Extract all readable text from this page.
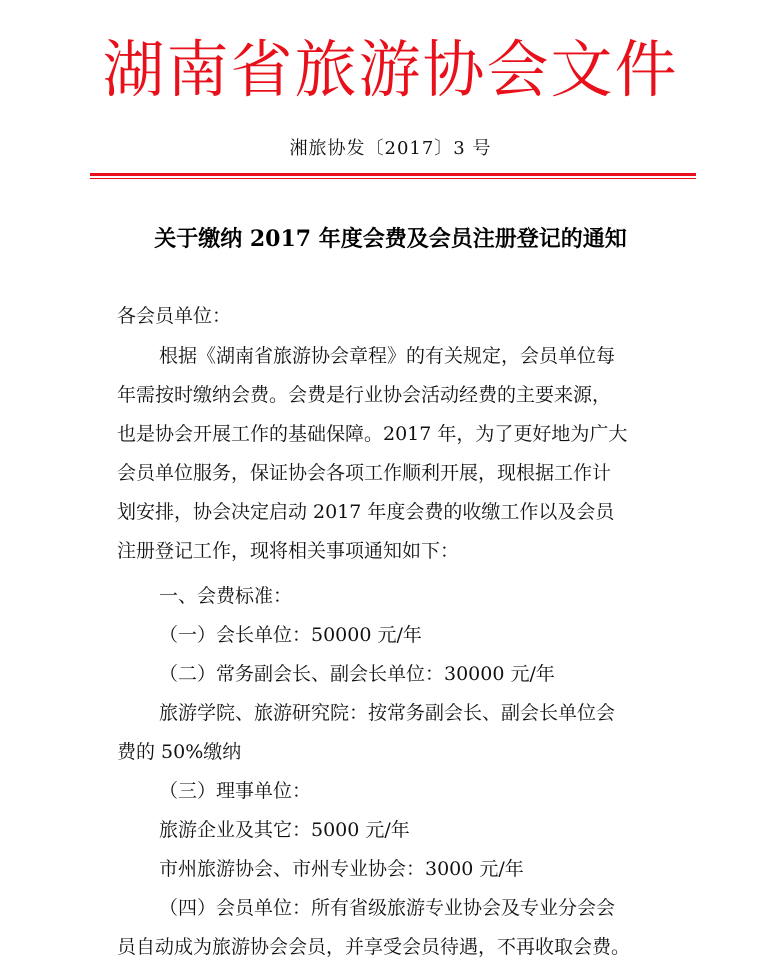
湖南省旅游协会文件
湘旅协发〔2017〕3 号
关于缴纳 2017 年度会费及会员注册登记的通知
各会员单位：
根据《湖南省旅游协会章程》的有关规定，会员单位每
年需按时缴纳会费。会费是行业协会活动经费的主要来源，
也是协会开展工作的基础保障。2017 年，为了更好地为广大
会员单位服务，保证协会各项工作顺利开展，现根据工作计
划安排，协会决定启动 2017 年度会费的收缴工作以及会员
注册登记工作，现将相关事项通知如下：
一、会费标准：
（一）会长单位：50000 元/年
（二）常务副会长、副会长单位：30000 元/年
旅游学院、旅游研究院：按常务副会长、副会长单位会
费的 50%缴纳
（三）理事单位：
旅游企业及其它：5000 元/年
市州旅游协会、市州专业协会：3000 元/年
（四）会员单位：所有省级旅游专业协会及专业分会会
员自动成为旅游协会会员，并享受会员待遇，不再收取会费。
